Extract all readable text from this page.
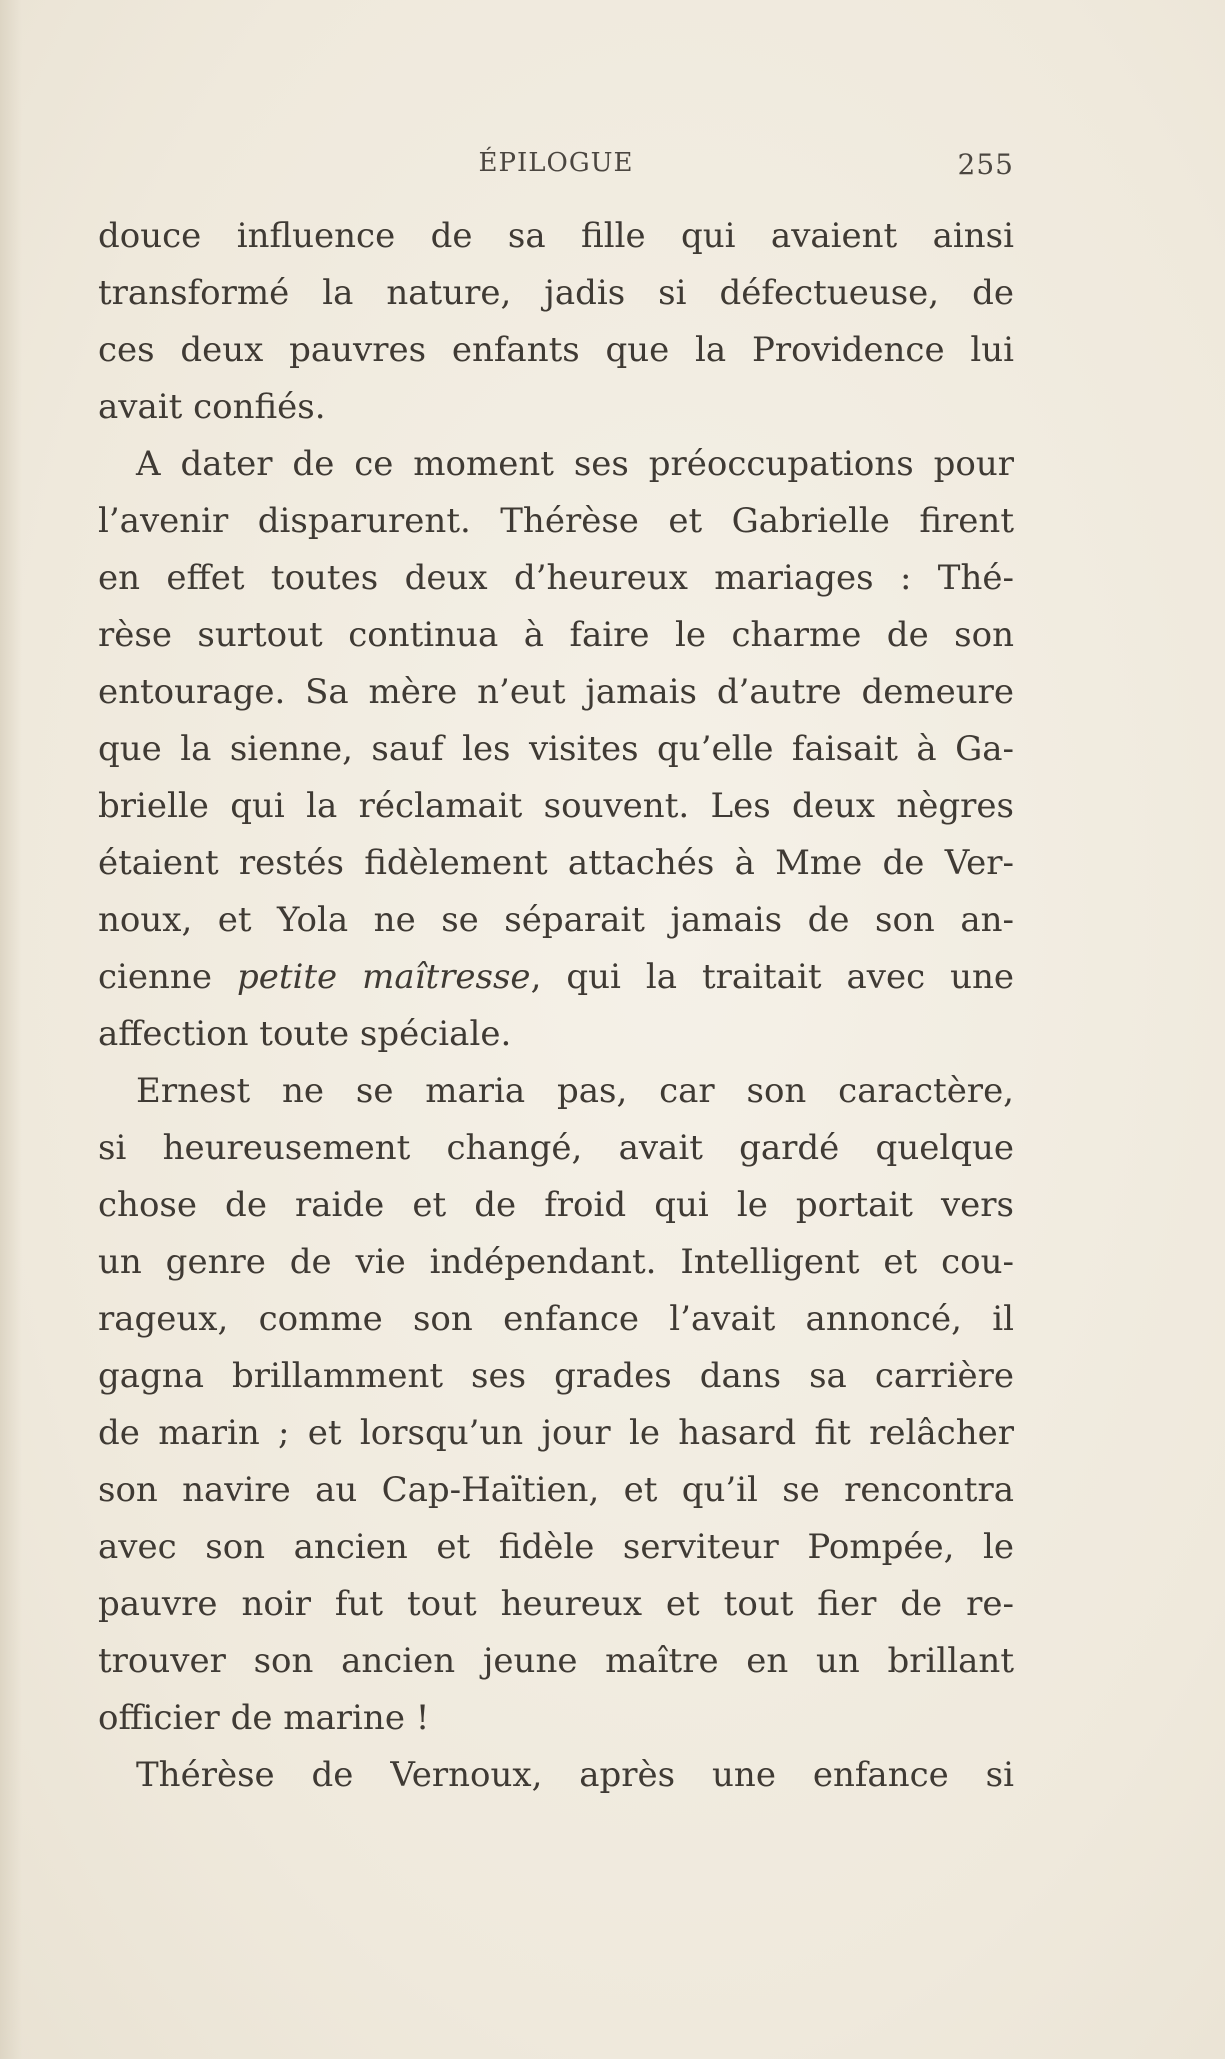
ÉPILOGUE	255
douce influence de sa fille qui avaient ainsi
transformé la nature, jadis si défectueuse, de
ces deux pauvres enfants que la Providence lui
avait confiés.
A dater de ce moment ses préoccupations pour
l’avenir disparurent. Thérèse et Gabrielle firent
en effet toutes deux d’heureux mariages : Thé-
rèse surtout continua à faire le charme de son
entourage. Sa mère n’eut jamais d’autre demeure
que la sienne, sauf les visites qu’elle faisait à Ga-
brielle qui la réclamait souvent. Les deux nègres
étaient restés fidèlement attachés à Mme de Ver-
noux, et Yola ne se séparait jamais de son an-
cienne petite maîtresse, qui la traitait avec une
affection toute spéciale.
Ernest ne se maria pas, car son caractère,
si heureusement changé, avait gardé quelque
chose de raide et de froid qui le portait vers
un genre de vie indépendant. Intelligent et cou-
rageux, comme son enfance l’avait annoncé, il
gagna brillamment ses grades dans sa carrière
de marin ; et lorsqu’un jour le hasard fit relâcher
son navire au Cap-Haïtien, et qu’il se rencontra
avec son ancien et fidèle serviteur Pompée, le
pauvre noir fut tout heureux et tout fier de re-
trouver son ancien jeune maître en un brillant
officier de marine !
Thérèse de Vernoux, après une enfance si
